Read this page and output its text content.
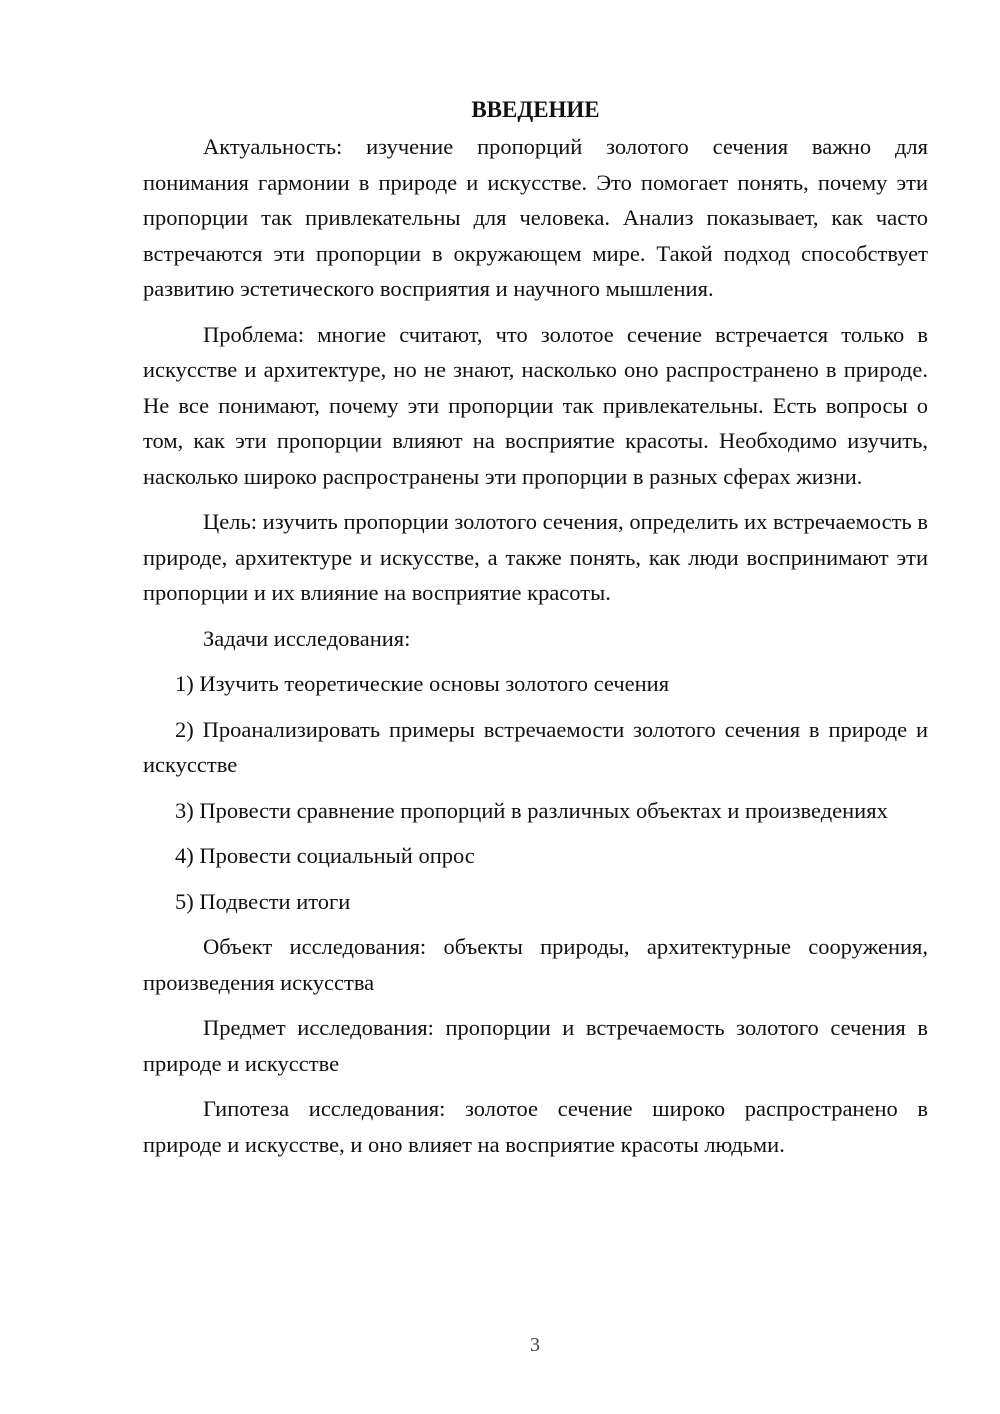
ВВЕДЕНИЕ

Актуальность: изучение пропорций золотого сечения важно для понимания гармонии в природе и искусстве. Это помогает понять, почему эти пропорции так привлекательны для человека. Анализ показывает, как часто встречаются эти пропорции в окружающем мире. Такой подход способствует развитию эстетического восприятия и научного мышления.

Проблема: многие считают, что золотое сечение встречается только в искусстве и архитектуре, но не знают, насколько оно распространено в природе. Не все понимают, почему эти пропорции так привлекательны. Есть вопросы о том, как эти пропорции влияют на восприятие красоты. Необходимо изучить, насколько широко распространены эти пропорции в разных сферах жизни.

Цель: изучить пропорции золотого сечения, определить их встречаемость в природе, архитектуре и искусстве, а также понять, как люди воспринимают эти пропорции и их влияние на восприятие красоты.

Задачи исследования:

1) Изучить теоретические основы золотого сечения

2) Проанализировать примеры встречаемости золотого сечения в природе и искусстве

3) Провести сравнение пропорций в различных объектах и произведениях

4) Провести социальный опрос

5) Подвести итоги

Объект исследования: объекты природы, архитектурные сооружения, произведения искусства

Предмет исследования: пропорции и встречаемость золотого сечения в природе и искусстве

Гипотеза исследования: золотое сечение широко распространено в природе и искусстве, и оно влияет на восприятие красоты людьми.

3
